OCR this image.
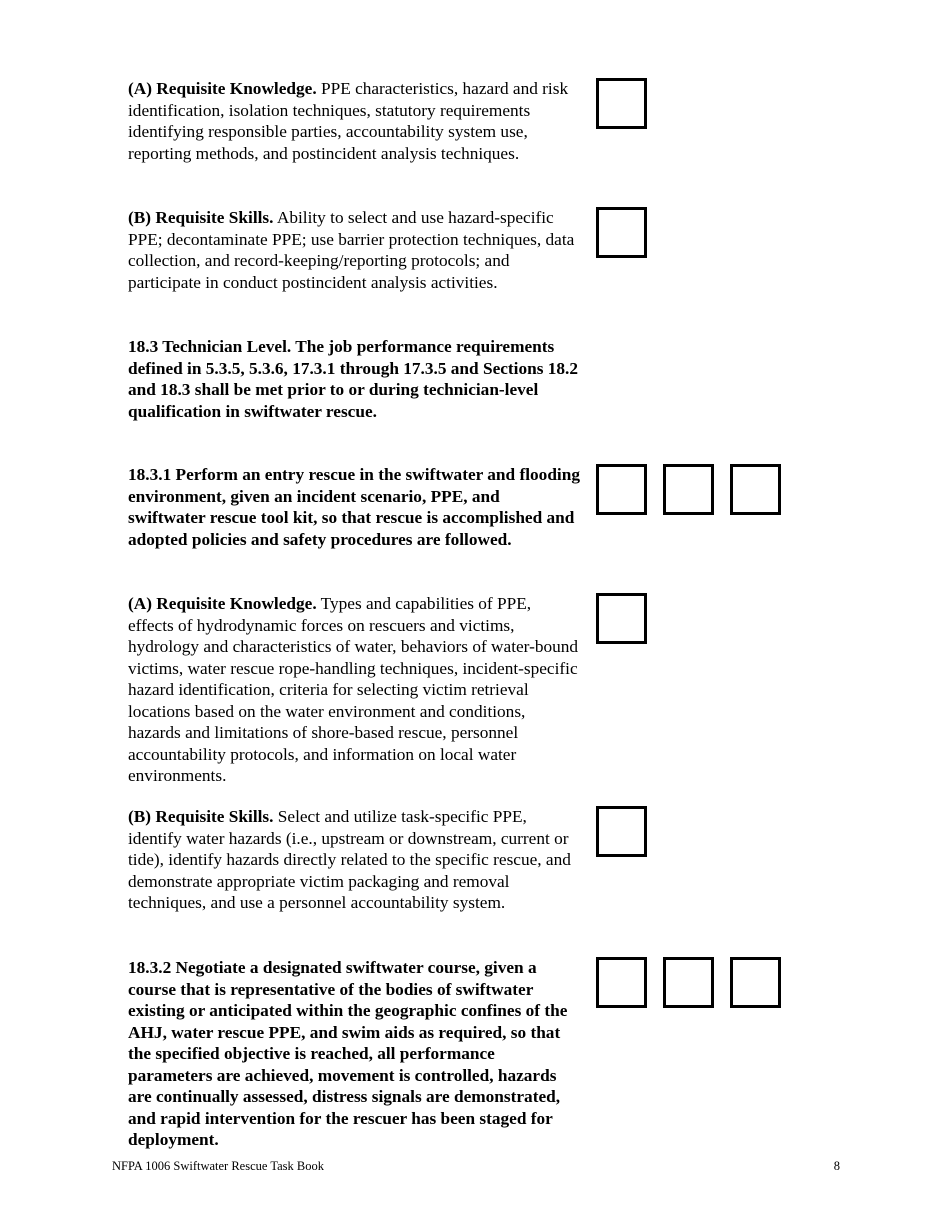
(A) Requisite Knowledge. PPE characteristics, hazard and risk identification, isolation techniques, statutory requirements identifying responsible parties, accountability system use, reporting methods, and postincident analysis techniques.

(B) Requisite Skills. Ability to select and use hazard-specific PPE; decontaminate PPE; use barrier protection techniques, data collection, and record-keeping/reporting protocols; and participate in conduct postincident analysis activities.

18.3 Technician Level. The job performance requirements defined in 5.3.5, 5.3.6, 17.3.1 through 17.3.5 and Sections 18.2 and 18.3 shall be met prior to or during technician-level qualification in swiftwater rescue.

18.3.1 Perform an entry rescue in the swiftwater and flooding environment, given an incident scenario, PPE, and swiftwater rescue tool kit, so that rescue is accomplished and adopted policies and safety procedures are followed.

(A) Requisite Knowledge. Types and capabilities of PPE, effects of hydrodynamic forces on rescuers and victims, hydrology and characteristics of water, behaviors of water-bound victims, water rescue rope-handling techniques, incident-specific hazard identification, criteria for selecting victim retrieval locations based on the water environment and conditions, hazards and limitations of shore-based rescue, personnel accountability protocols, and information on local water environments.

(B) Requisite Skills. Select and utilize task-specific PPE, identify water hazards (i.e., upstream or downstream, current or tide), identify hazards directly related to the specific rescue, and demonstrate appropriate victim packaging and removal techniques, and use a personnel accountability system.

18.3.2 Negotiate a designated swiftwater course, given a course that is representative of the bodies of swiftwater existing or anticipated within the geographic confines of the AHJ, water rescue PPE, and swim aids as required, so that the specified objective is reached, all performance parameters are achieved, movement is controlled, hazards are continually assessed, distress signals are demonstrated, and rapid intervention for the rescuer has been staged for deployment.

NFPA 1006 Swiftwater Rescue Task Book	8
